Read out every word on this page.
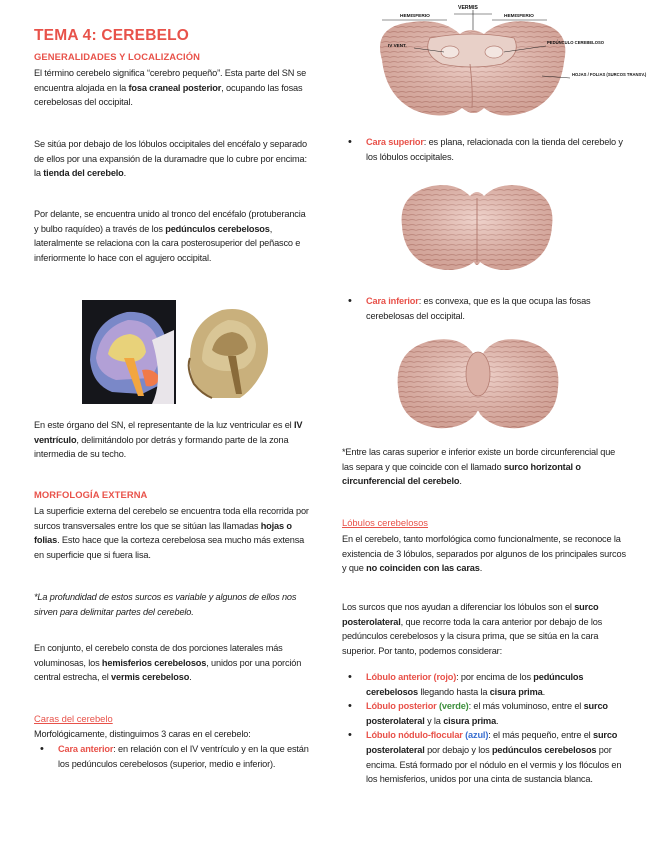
TEMA 4: CEREBELO
GENERALIDADES Y LOCALIZACIÓN

El término cerebelo significa “cerebro pequeño”. Esta parte del SN se encuentra alojada en la fosa craneal posterior, ocupando las fosas cerebelosas del occipital.

Se sitúa por debajo de los lóbulos occipitales del encéfalo y separado de ellos por una expansión de la duramadre que lo cubre por encima: la tienda del cerebelo.

Por delante, se encuentra unido al tronco del encéfalo (protuberancia y bulbo raquídeo) a través de los pedúnculos cerebelosos, lateralmente se relaciona con la cara posterosuperior del peñasco e inferiormente lo hace con el agujero occipital.

En este órgano del SN, el representante de la luz ventricular es el IV ventrículo, delimitándolo por detrás y formando parte de la zona intermedia de su techo.

MORFOLOGÍA EXTERNA

La superficie externa del cerebelo se encuentra toda ella recorrida por surcos transversales entre los que se sitúan las llamadas hojas o folias. Esto hace que la corteza cerebelosa sea mucho más extensa en superficie que si fuera lisa.

*La profundidad de estos surcos es variable y algunos de ellos nos sirven para delimitar partes del cerebelo.

En conjunto, el cerebelo consta de dos porciones laterales más voluminosas, los hemisferios cerebelosos, unidos por una porción central estrecha, el vermis cerebeloso.

Caras del cerebelo

Morfológicamente, distinguimos 3 caras en el cerebelo:

• Cara anterior: en relación con el IV ventrículo y en la que están los pedúnculos cerebelosos (superior, medio e inferior).
VERMIS
HEMISFERIO	HEMISFERIO
IV VENT.
PEDÚNCULO CEREBELOSO
HOJAS / FOLIAS (SURCOS TRANSV.)
• Cara superior: es plana, relacionada con la tienda del cerebelo y los lóbulos occipitales.
• Cara inferior: es convexa, que es la que ocupa las fosas cerebelosas del occipital.

*Entre las caras superior e inferior existe un borde circunferencial que las separa y que coincide con el llamado surco horizontal o circunferencial del cerebelo.

Lóbulos cerebelosos

En el cerebelo, tanto morfológica como funcionalmente, se reconoce la existencia de 3 lóbulos, separados por algunos de los principales surcos y que no coinciden con las caras.

Los surcos que nos ayudan a diferenciar los lóbulos son el surco posterolateral, que recorre toda la cara anterior por debajo de los pedúnculos cerebelosos y la cisura prima, que se sitúa en la cara superior. Por tanto, podemos considerar:

• Lóbulo anterior (rojo): por encima de los pedúnculos cerebelosos llegando hasta la cisura prima.
• Lóbulo posterior (verde): el más voluminoso, entre el surco posterolateral y la cisura prima.
• Lóbulo nódulo-flocular (azul): el más pequeño, entre el surco posterolateral por debajo y los pedúnculos cerebelosos por encima. Está formado por el nódulo en el vermis y los flóculos en los hemisferios, unidos por una cinta de sustancia blanca.
